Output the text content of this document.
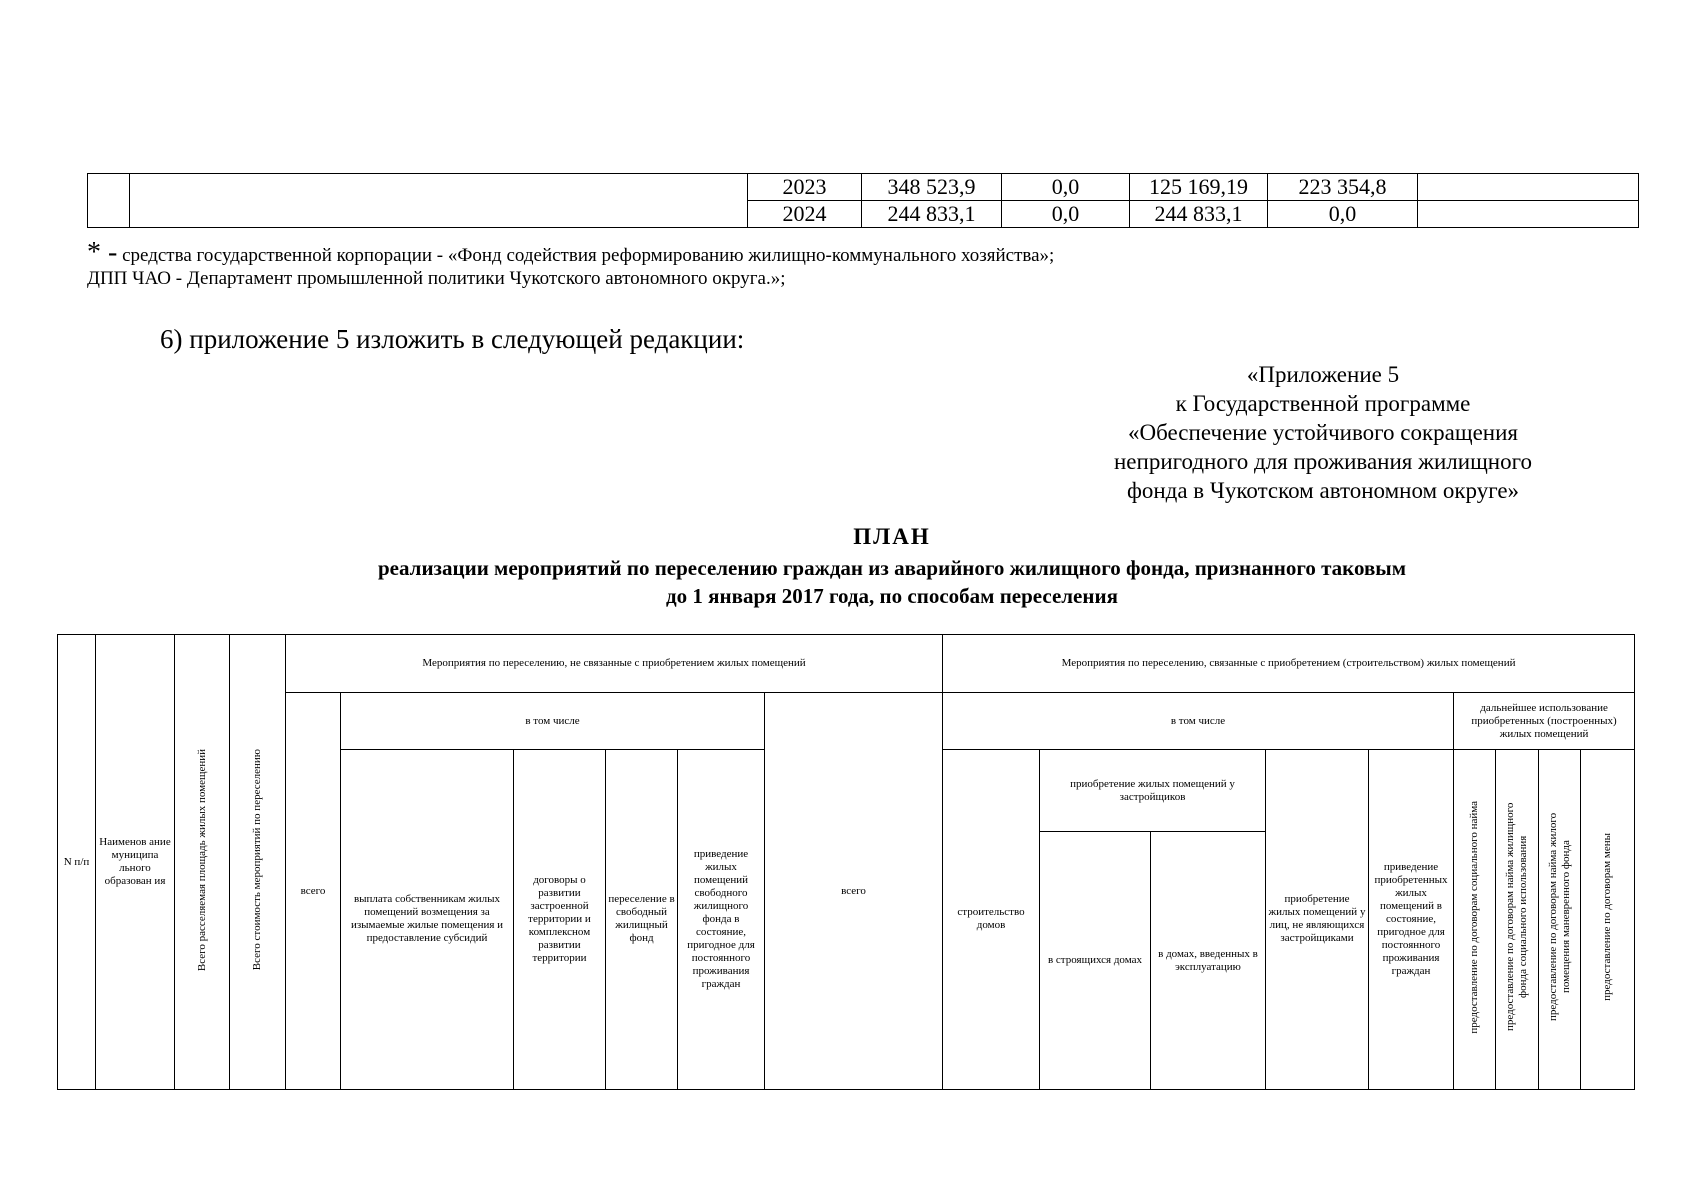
		2023	348 523,9	0,0	125 169,19	223 354,8	
		2024	244 833,1	0,0	244 833,1	0,0	
* - средства государственной корпорации - «Фонд содействия реформированию жилищно-коммунального хозяйства»;
ДПП ЧАО - Департамент промышленной политики Чукотского автономного округа.»;
6) приложение 5 изложить в следующей редакции:
«Приложение 5
к Государственной программе
«Обеспечение устойчивого сокращения
непригодного для проживания жилищного
фонда в Чукотском автономном округе»
ПЛАН
реализации мероприятий по переселению граждан из аварийного жилищного фонда, признанного таковым
до 1 января 2017 года, по способам переселения
N п/п	Наименов ание муниципа льного образован ия	Всего расселяемая площадь жилых помещений	Всего стоимость мероприятий по переселению	Мероприятия по переселению, не связанные с приобретением жилых помещений						Мероприятия по переселению, связанные с приобретением (строительством) жилых помещений								
				всего	в том числе				всего	в том числе					дальнейшее использование приобретенных (построенных) жилых помещений			
					выплата собственникам жилых помещений возмещения за изымаемые жилые помещения и предоставление субсидий	договоры о развитии застроенной территории и комплексном развитии территории	переселение в свободный жилищный фонд	приведение жилых помещений свободного жилищного фонда в состояние, пригодное для постоянного проживания граждан		строительство домов	приобретение жилых помещений у застройщиков		приобретение жилых помещений у лиц, не являющихся застройщиками	приведение приобретенных жилых помещений в состояние, пригодное для постоянного проживания граждан	предоставление по договорам социального найма	предоставление по договорам найма жилищного фонда социального использования	предоставление по договорам найма жилого помещения маневренного фонда	предоставление по договорам мены
											в строящихся домах	в домах, введенных в эксплуатацию						
